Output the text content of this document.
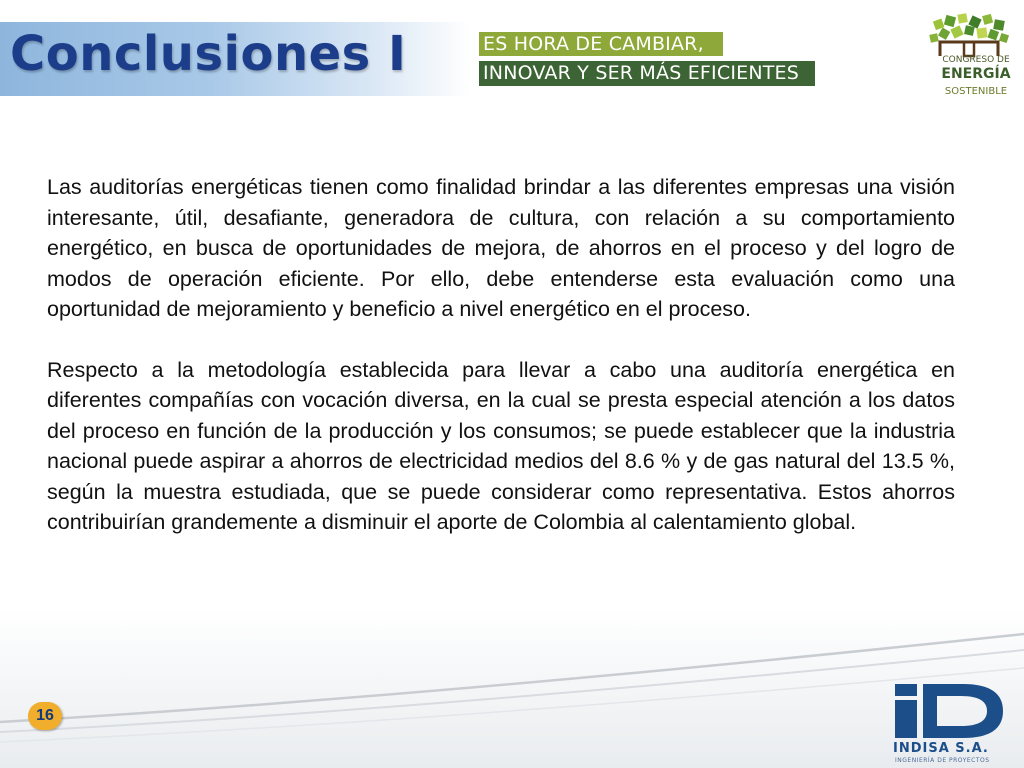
Conclusiones I	ES HORA DE CAMBIAR,
INNOVAR Y SER MÁS EFICIENTES
CONGRESO DE
ENERGÍA
SOSTENIBLE

Las auditorías energéticas tienen como finalidad brindar a las diferentes empresas una visión interesante, útil, desafiante, generadora de cultura, con relación a su comportamiento energético, en busca de oportunidades de mejora, de ahorros en el proceso y del logro de modos de operación eficiente. Por ello, debe entenderse esta evaluación como una oportunidad de mejoramiento y beneficio a nivel energético en el proceso.

Respecto a la metodología establecida para llevar a cabo una auditoría energética en diferentes compañías con vocación diversa, en la cual se presta especial atención a los datos del proceso en función de la producción y los consumos; se puede establecer que la industria nacional puede aspirar a ahorros de electricidad medios del 8.6 % y de gas natural del 13.5 %, según la muestra estudiada, que se puede considerar como representativa. Estos ahorros contribuirían grandemente a disminuir el aporte de Colombia al calentamiento global.

16
INDISA S.A.
INGENIERÍA DE PROYECTOS
